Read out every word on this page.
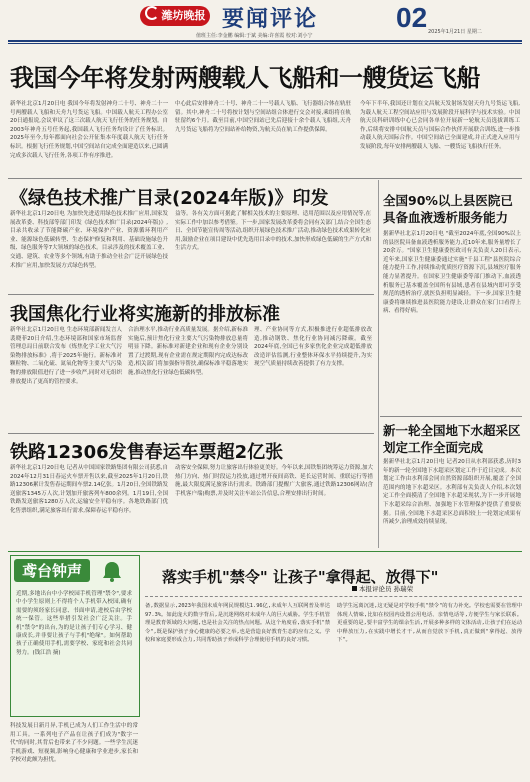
潍坊晚报 要闻评论	02 2025年1月21日 星期二
值班主任:李金鹏 编辑:于斌 美编:许喜霞 校对:刘小宁
我国今年将发射两艘载人飞船和一艘货运飞船
新华社北京1月20日电 我国今年将发射神舟二十号、神舟二十一号两艘载人飞船和天舟九号货运飞船。中国载人航天工程办公室20日通报说,会议审议了这三次载人航天飞行任务的任务规划。自2003年神舟五号任务起,我国载人飞行任务均设计了任务标识。2025年至今,每年都面向社会公开征集本年度载人航天飞行任务标识。根据飞行任务规划,中国空间站自完成全面建造以来,已圆满完成多次载人飞行任务,各项工作有序推进。
中心此后安排神舟二十号、神舟二十一号载人飞船、飞行器组合体在轨驻留。其中,神舟二十号将按计划与空间站组合体进行交会对接,乘组将在轨驻留约6个月。截至目前,中国空间站已先后迎接十余个载人飞船组,天舟九号货运飞船将为空间站补给物资,为航天员在轨工作提供保障。
今年下半年,我国还计划在文昌航天发射场发射天舟九号货运飞船,为载人航天工程空间站应用与发展阶段开展科学与技术实验。中国航天员科研训练中心已会同各单位开展新一轮航天员选拔训练工作,后续将安排中国航天员与国际合作伙伴开展联合训练,进一步推动载人航天国际合作。中国空间站已全面建成,并正式进入应用与发展阶段,每年安排两艘载人飞船、一艘货运飞船执行任务。
《绿色技术推广目录(2024年版)》印发
新华社北京1月20日电 为加快先进适用绿色技术推广应用,国家发展改革委、科技部等部门印发《绿色技术推广目录(2024年版)》,目录共收录了节能降碳产业、环境保护产业、资源循环利用产业、能源绿色低碳转型、生态保护修复和利用、基础设施绿色升级、绿色服务等7大领域的绿色技术。目录涉及的技术覆盖工业、交通、建筑、农业等多个领域,有助于推动全社会广泛开展绿色技术推广应用,加快发展方式绿色转型。
益等。各有关方面可据此了解相关技术的主要原理、适用范围以及应用情况等,在实际工作中加以参考借鉴。下一步,国家发展改革委将会同有关部门,结合全国生态日、全国节能宣传周等活动,组织开展绿色技术推广活动,推动绿色技术成果转化应用,鼓励企业在项目建设中优先选用目录中的技术,加快形成绿色低碳的生产方式和生活方式。
我国焦化行业将实施新的排放标准
新华社北京1月20日电 生态环境部新闻发言人裴晓菲20日介绍,生态环境部和国家市场监督管理总局日前联合发布《炼焦化学工业大气污染物排放标准》,将于2025年施行。新标准对颗粒物、二氧化硫、氮氧化物等主要大气污染物的排放限值进行了进一步收严,同时对无组织排放提出了更高的管控要求。
合治理水平,推动行业高质量发展。据介绍,新标准实施后,预计焦化行业主要大气污染物排放总量将明显下降。新标准对新建企业和现有企业分别设置了过渡期,现有企业需在规定期限内完成达标改造,相关部门将加强指导帮扶,确保标准平稳落地实施,推动焦化行业绿色低碳转型。
理、产业协同等方式,积极推进行业超低排放改造,推动钢铁、焦化行业协同减污降碳。截至2024年底,全国已有多家焦化企业完成超低排放改造评估监测,行业整体环保水平持续提升,为实现空气质量持续改善提供了有力支撑。
铁路12306发售春运车票超2亿张
新华社北京1月20日电 记者从中国国家铁路集团有限公司获悉,自2024年12月31日春运火车票开售以来,截至2025年1月20日,铁路12306累计发售春运期间车票2.14亿张。1月20日,全国铁路发送旅客1345万人次,计划加开旅客列车800余列。1月19日,全国铁路发送旅客1280万人次,运输安全平稳有序。各地铁路部门优化售票组织,满足旅客出行需求,保障春运平稳有序。
动客安全保障,努力让旅客出行体验更美好。今年以来,国铁集团统筹运力资源,加大热门方向、热门时段运力投放,通过增开夜间高铁、延长运营时间、重联运行等措施,最大限度满足旅客出行需求。铁路部门提醒广大旅客,通过铁路12306网站(含手机客户端)购票,并及时关注车站公告信息,合理安排出行时间。
全国90%以上县医院已具备血液透析服务能力
据新华社北京1月20日电 "截至2024年底,全国90%以上的县医院具备血液透析服务能力,近10年来,服务量增长了20余万。"国家卫生健康委医政司有关负责人20日表示,近年来,国家卫生健康委通过实施"千县工程"县医院综合能力提升工作,持续推动优质医疗资源下沉,县域医疗服务能力显著提升。在国家卫生健康委等部门推动下,血液透析服务已基本覆盖全国所有县域,患者在县域内即可享受规范的透析治疗,就医负担明显减轻。下一步,国家卫生健康委将继续推进县医院能力建设,让群众在家门口看得上病、看得好病。
新一轮全国地下水超采区划定工作全面完成
据新华社北京1月20日电 记者20日从水利部获悉,历时3年的新一轮全国地下水超采区划定工作于近日完成。本次划定工作由水利部会同自然资源部组织开展,覆盖了全国范围内的地下水超采区。水利部有关负责人介绍,本次划定工作全面摸清了全国地下水超采现状,为下一步开展地下水超采综合治理、加强地下水管理保护提供了重要依据。目前,全国地下水超采区总面积较上一轮划定成果有所减少,治理成效持续显现。
鸢台钟声
近期,多地出台中小学校园手机管理"禁令",要求中小学生原则上不得将个人手机带入校园,确有需要的须经家长同意、书面申请,进校后由学校统一保管。这些举措引发社会广泛关注。手机"禁令"的出台,为的是让孩子们专心学习、健康成长,并非要让孩子与手机"绝缘"。如何帮助孩子正确使用手机,需要学校、家庭和社会共同努力。(钱江浩 摘)
落实手机"禁令" 让孩子"拿得起、放得下"
本报评论员 孙瑞荣
科技发展日新月异,手机已成为人们工作生活中的常用工具。一系列电子产品在让孩子们成为"数字一代"的同时,其背后也带来了不少问题。一些学生沉迷手机游戏、短视频,影响身心健康和学业进步,家长和学校对此颇为担忧。
备,数据显示,2023年我国未成年网民规模达1.96亿,未成年人互联网普及率达97.3%。如此庞大的数字背后,是沉迷网络对未成年人的巨大威胁。学生手机管理是教育领域的大问题,也是社会关注的热点问题。从这个角度看,落实手机"禁令",既是保护孩子身心健康的必要之举,也是营造良好教育生态的应有之义。学校和家庭要形成合力,共同帮助孩子养成科学合理使用手机的良好习惯。
助学生远离沉迷,这无疑是对学校手机"禁令"的有力补充。学校也需要在管理中体现人情味,比如在校园内设置公用电话、亲情电话等,方便学生与家长联系。更重要的是,要丰富学生的课余生活,开展多种多样的文体活动,让孩子们在运动中释放压力,在实践中增长才干,从而自觉放下手机,真正做到"拿得起、放得下"。
